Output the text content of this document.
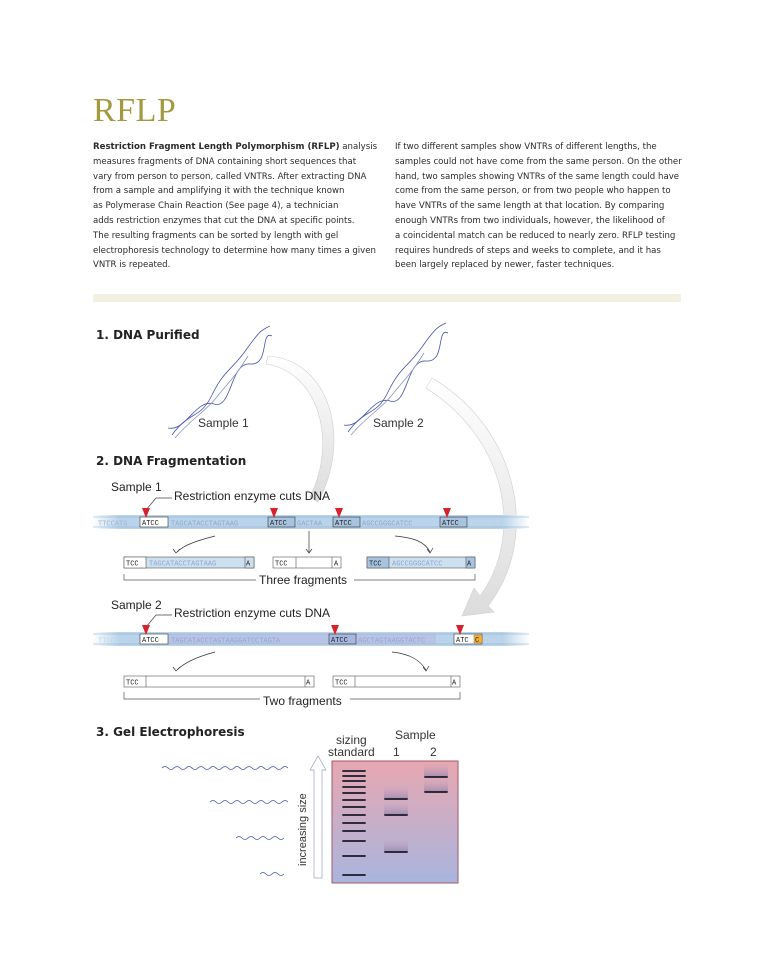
RFLP
Restriction Fragment Length Polymorphism (RFLP) analysis
measures fragments of DNA containing short sequences that
vary from person to person, called VNTRs. After extracting DNA
from a sample and amplifying it with the technique known
as Polymerase Chain Reaction (See page 4), a technician
adds restriction enzymes that cut the DNA at specific points.
The resulting fragments can be sorted by length with gel
electrophoresis technology to determine how many times a given
VNTR is repeated.
If two different samples show VNTRs of different lengths, the
samples could not have come from the same person. On the other
hand, two samples showing VNTRs of the same length could have
come from the same person, or from two people who happen to
have VNTRs of the same length at that location. By comparing
enough VNTRs from two individuals, however, the likelihood of
a coincidental match can be reduced to nearly zero. RFLP testing
requires hundreds of steps and weeks to complete, and it has
been largely replaced by newer, faster techniques.
1. DNA Purified
2. DNA Fragmentation
3. Gel Electrophoresis
Sample 1	Sample 2
Sample 1
Restriction enzyme cuts DNA
TTCCATG ATCC TAGCATACCTAGTAAG	ATCC GACTAA ATCC AGCCGGGCATCC	ATCC ATGCGTT
TCC TAGCATACCTAGTAAG	A	TCC	A	TCC AGCCGGGCATCC	A
Three fragments
Sample 2
Restriction enzyme cuts DNA
TTCCATG ATCC TAGCATACCTAGTAAGGATCCTAGTA	ATCC AGCTAGTAAGGTACTC	ATC C TAAG
TCC	A	TCC	A
Two fragments
sizing
standard
Sample
1	2
increasing size
